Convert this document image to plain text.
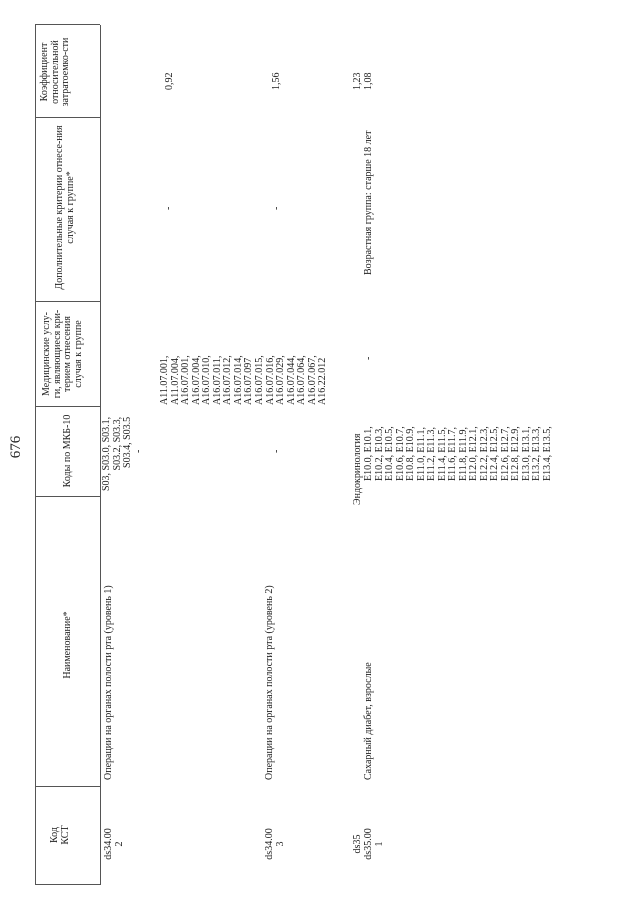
676
Код КСТ
Наименование*
Коды по МКБ-10
Медицинские услу-ги, являющиеся кри-терием отнесения случая к группе
Дополнительные критерии отнесе-ния случая к группе*
Коэффициент относительной затратоемко-сти
ds34.00
2
Операции на органах полости рта (уровень 1)
S03, S03.0, S03.1,
S03.2, S03.3,
S03.4, S03.5
-
A11.07.001,
A11.07.004,
A16.07.001,
A16.07.004,
A16.07.010,
A16.07.011,
A16.07.012,
A16.07.014,
A16.07.097
-
0,92
ds34.00
3
Операции на органах полости рта (уровень 2)
-
A16.07.015,
A16.07.016,
A16.07.029,
A16.07.044,
A16.07.064,
A16.07.067,
A16.22.012
-
1,56
ds35
Эндокринология
1,23
ds35.00
1
Сахарный диабет, взрослые
E10.0, E10.1,
E10.2, E10.3,
E10.4, E10.5,
E10.6, E10.7,
E10.8, E10.9,
E11.0, E11.1,
E11.2, E11.3,
E11.4, E11.5,
E11.6, E11.7,
E11.8, E11.9,
E12.0, E12.1,
E12.2, E12.3,
E12.4, E12.5,
E12.6, E12.7,
E12.8, E12.9,
E13.0, E13.1,
E13.2, E13.3,
E13.4, E13.5,
-
Возрастная группа: старше 18 лет
1,08
